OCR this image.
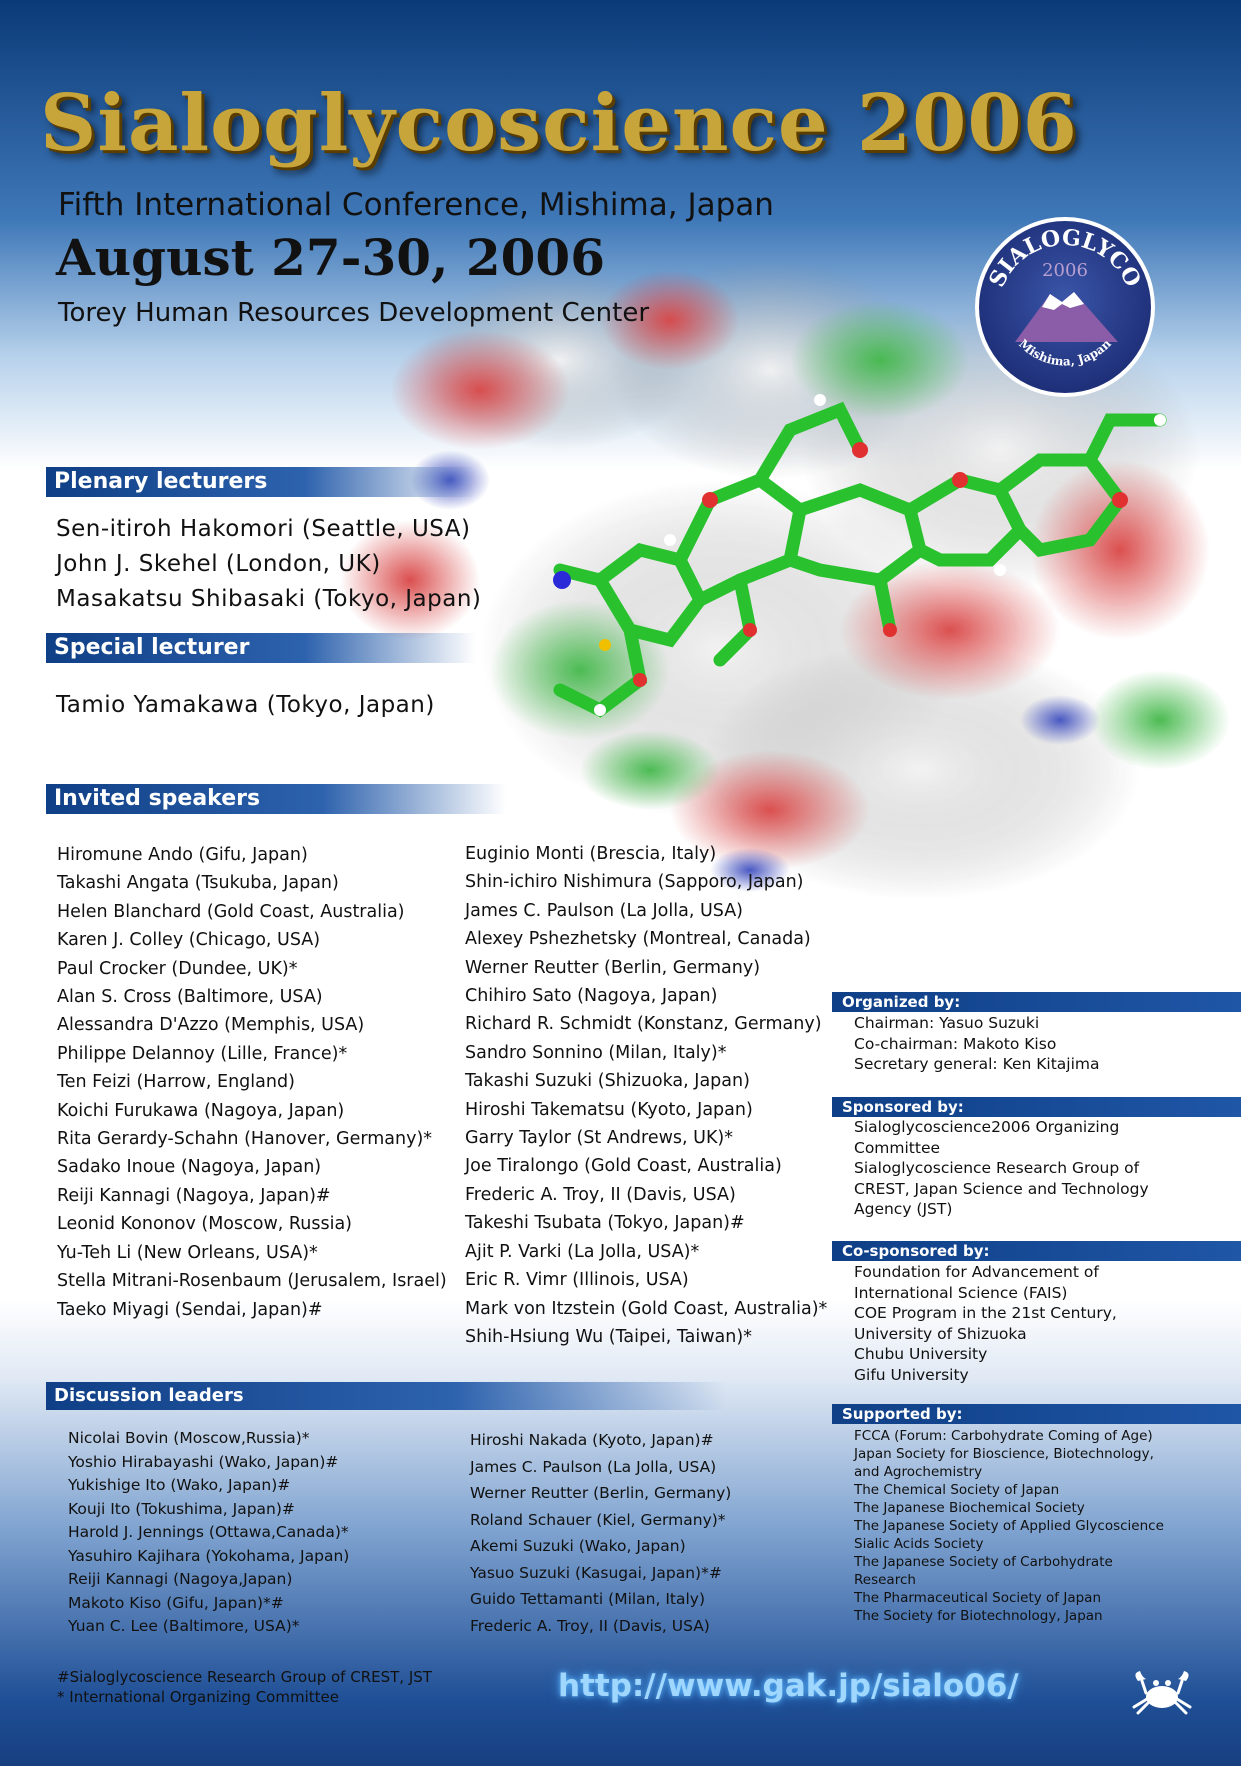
Sialoglycoscience 2006
Fifth International Conference, Mishima, Japan
August 27-30, 2006
Torey Human Resources Development Center
SIALOGLYCO
2006
Mishima, Japan
Plenary lecturers
Sen-itiroh Hakomori (Seattle, USA)
John J. Skehel (London, UK)
Masakatsu Shibasaki (Tokyo, Japan)
Special lecturer
Tamio Yamakawa (Tokyo, Japan)
Invited speakers
Hiromune Ando (Gifu, Japan)
Takashi Angata (Tsukuba, Japan)
Helen Blanchard (Gold Coast, Australia)
Karen J. Colley (Chicago, USA)
Paul Crocker (Dundee, UK)*
Alan S. Cross (Baltimore, USA)
Alessandra D'Azzo (Memphis, USA)
Philippe Delannoy (Lille, France)*
Ten Feizi (Harrow, England)
Koichi Furukawa (Nagoya, Japan)
Rita Gerardy-Schahn (Hanover, Germany)*
Sadako Inoue (Nagoya, Japan)
Reiji Kannagi (Nagoya, Japan)#
Leonid Kononov (Moscow, Russia)
Yu-Teh Li (New Orleans, USA)*
Stella Mitrani-Rosenbaum (Jerusalem, Israel)
Taeko Miyagi (Sendai, Japan)#
Euginio Monti (Brescia, Italy)
Shin-ichiro Nishimura (Sapporo, Japan)
James C. Paulson (La Jolla, USA)
Alexey Pshezhetsky (Montreal, Canada)
Werner Reutter (Berlin, Germany)
Chihiro Sato (Nagoya, Japan)
Richard R. Schmidt (Konstanz, Germany)
Sandro Sonnino (Milan, Italy)*
Takashi Suzuki (Shizuoka, Japan)
Hiroshi Takematsu (Kyoto, Japan)
Garry Taylor (St Andrews, UK)*
Joe Tiralongo (Gold Coast, Australia)
Frederic A. Troy, II (Davis, USA)
Takeshi Tsubata (Tokyo, Japan)#
Ajit P. Varki (La Jolla, USA)*
Eric R. Vimr (Illinois, USA)
Mark von Itzstein (Gold Coast, Australia)*
Shih-Hsiung Wu (Taipei, Taiwan)*
Discussion leaders
Nicolai Bovin (Moscow,Russia)*
Yoshio Hirabayashi (Wako, Japan)#
Yukishige Ito (Wako, Japan)#
Kouji Ito (Tokushima, Japan)#
Harold J. Jennings (Ottawa,Canada)*
Yasuhiro Kajihara (Yokohama, Japan)
Reiji Kannagi (Nagoya,Japan)
Makoto Kiso (Gifu, Japan)*#
Yuan C. Lee (Baltimore, USA)*
Hiroshi Nakada (Kyoto, Japan)#
James C. Paulson (La Jolla, USA)
Werner Reutter (Berlin, Germany)
Roland Schauer (Kiel, Germany)*
Akemi Suzuki (Wako, Japan)
Yasuo Suzuki (Kasugai, Japan)*#
Guido Tettamanti (Milan, Italy)
Frederic A. Troy, II (Davis, USA)
Organized by:
Chairman: Yasuo Suzuki
Co-chairman: Makoto Kiso
Secretary general: Ken Kitajima
Sponsored by:
Sialoglycoscience2006 Organizing
Committee
Sialoglycoscience Research Group of
CREST, Japan Science and Technology
Agency (JST)
Co-sponsored by:
Foundation for Advancement of
International Science (FAIS)
COE Program in the 21st Century,
University of Shizuoka
Chubu University
Gifu University
Supported by:
FCCA (Forum: Carbohydrate Coming of Age)
Japan Society for Bioscience, Biotechnology,
and Agrochemistry
The Chemical Society of Japan
The Japanese Biochemical Society
The Japanese Society of Applied Glycoscience
Sialic Acids Society
The Japanese Society of Carbohydrate
Research
The Pharmaceutical Society of Japan
The Society for Biotechnology, Japan
#Sialoglycoscience Research Group of CREST, JST
* International Organizing Committee	http://www.gak.jp/sialo06/
